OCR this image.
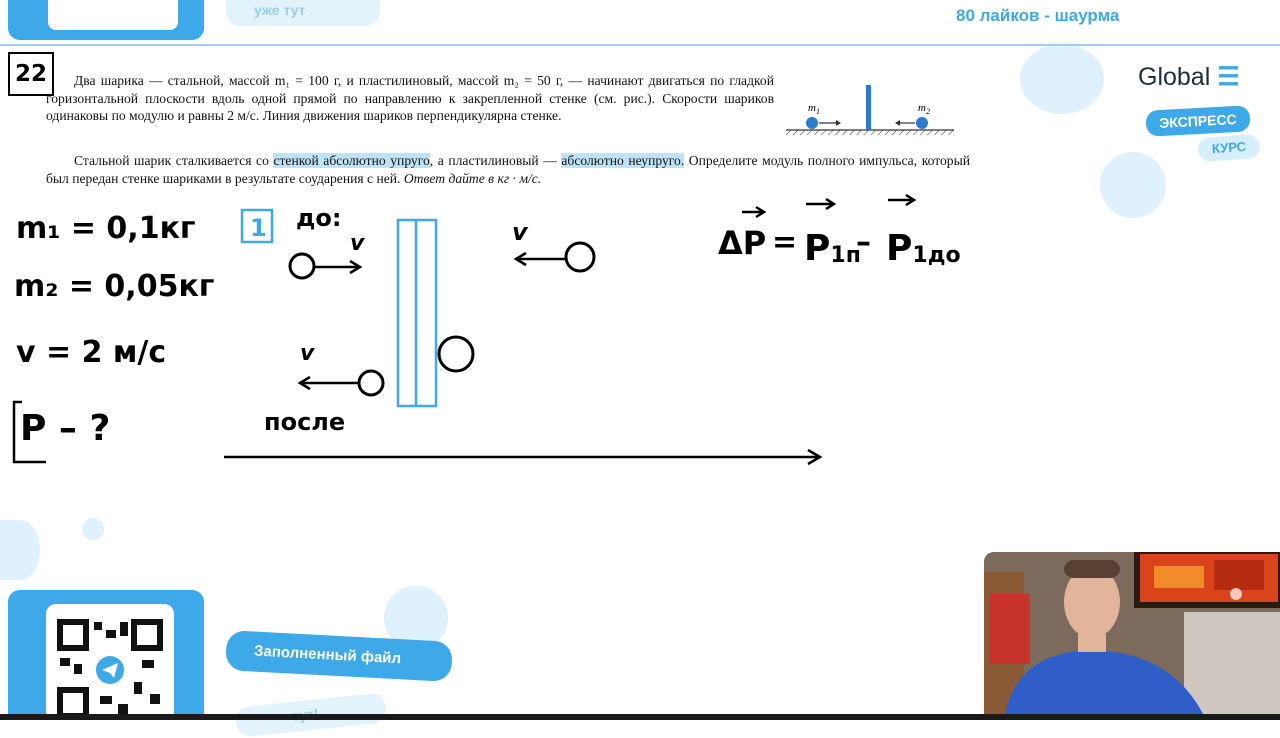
уже тут	80 лайков - шаурма
22	Два шарика — стальной, массой m₁ = 100 г, и пластилиновый, массой m₂ = 50 г, — начинают двигаться по гладкой горизонтальной плоскости вдоль одной прямой по направлению к закрепленной стенке (см. рис.). Скорости шариков одинаковы по модулю и равны 2 м/с. Линия движения шариков перпендикулярна стенке.
Стальной шарик сталкивается со стенкой абсолютно упруго, а пластилиновый — абсолютно неупруго. Определите модуль полного импульса, который был передан стенке шариками в результате соударения с ней. Ответ дайте в кг · м/с.
$m_1$	$m_2$
Global ☰
ЭКСПРЕСС
КУРС
m₁ = 0,1кг
m₂ = 0,05кг
v = 2 м/с
P – ?
1 до:
v	v
v
после
ΔP = P1п
– P1до
Заполненный файл
